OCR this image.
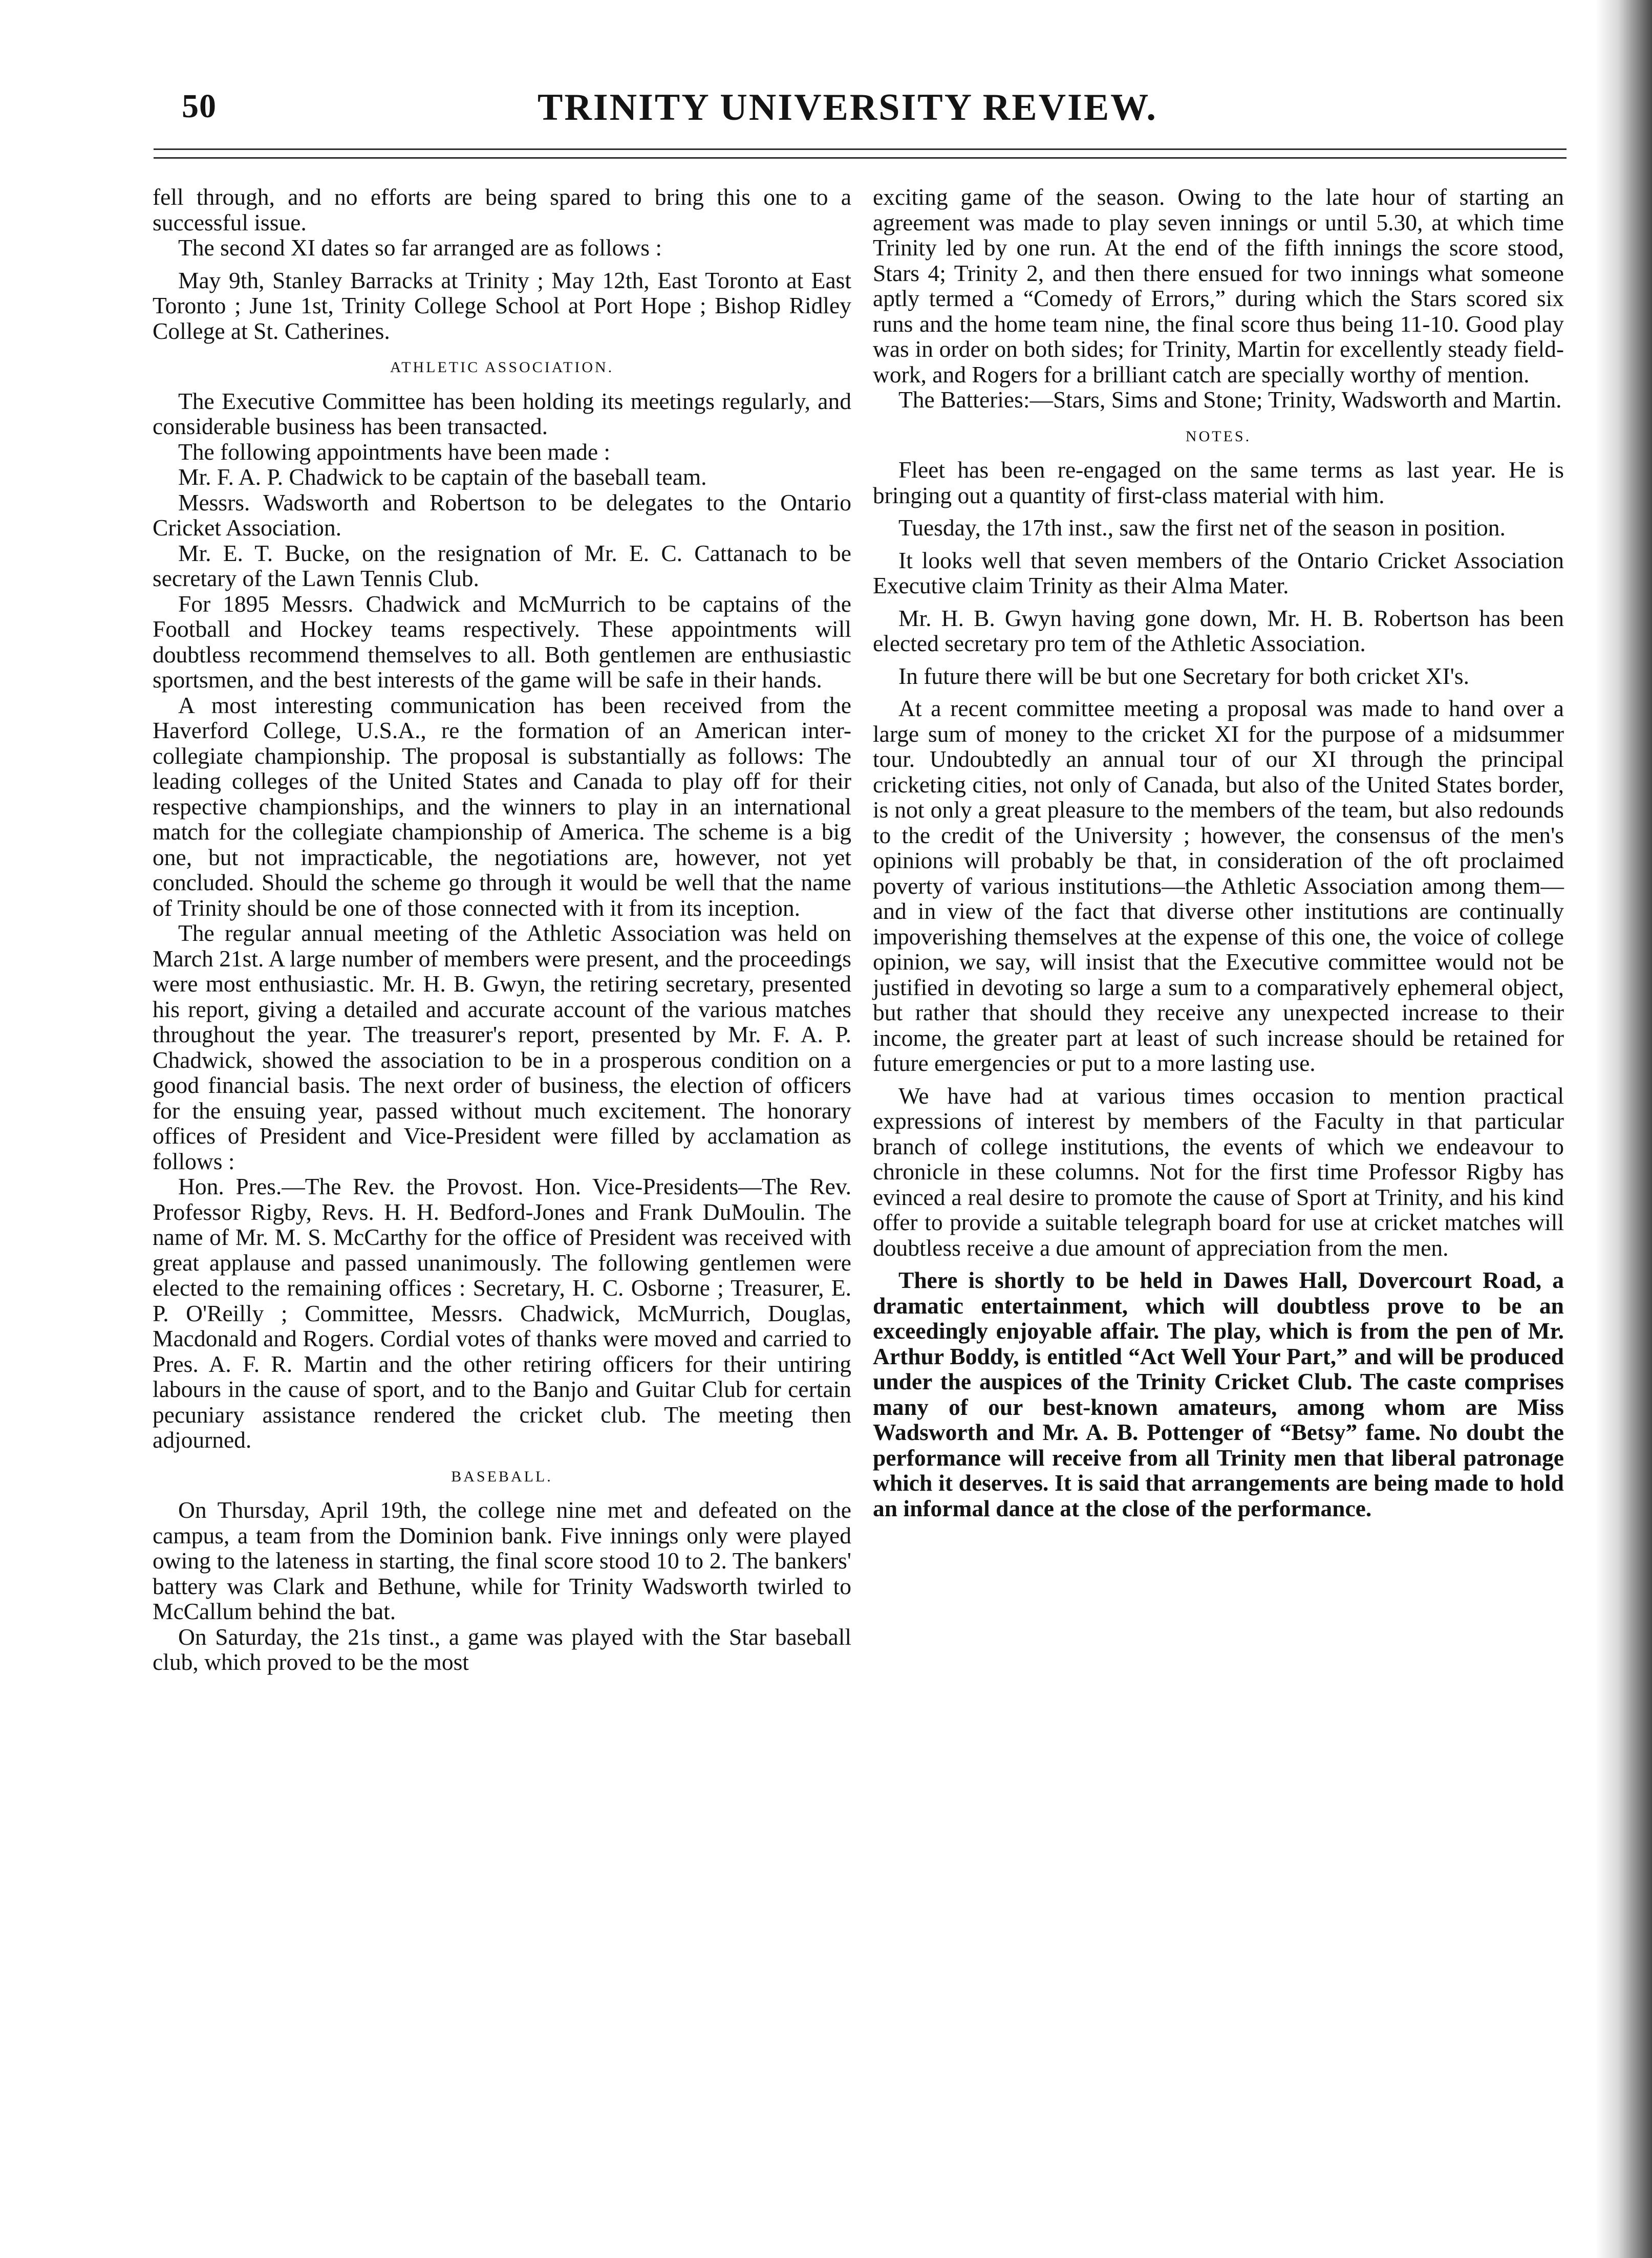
50	TRINITY UNIVERSITY REVIEW.

fell through, and no efforts are being spared to bring this one to a successful issue.

The second XI dates so far arranged are as follows :

May 9th, Stanley Barracks at Trinity ; May 12th, East Toronto at East Toronto ; June 1st, Trinity College School at Port Hope ; Bishop Ridley College at St. Catherines.

ATHLETIC ASSOCIATION.

The Executive Committee has been holding its meetings regularly, and considerable business has been transacted.

The following appointments have been made :

Mr. F. A. P. Chadwick to be captain of the baseball team.

Messrs. Wadsworth and Robertson to be delegates to the Ontario Cricket Association.

Mr. E. T. Bucke, on the resignation of Mr. E. C. Cattanach to be secretary of the Lawn Tennis Club.

For 1895 Messrs. Chadwick and McMurrich to be captains of the Football and Hockey teams respectively. These appointments will doubtless recommend themselves to all. Both gentlemen are enthusiastic sportsmen, and the best interests of the game will be safe in their hands.

A most interesting communication has been received from the Haverford College, U.S.A., re the formation of an American inter-collegiate championship. The proposal is substantially as follows: The leading colleges of the United States and Canada to play off for their respective championships, and the winners to play in an international match for the collegiate championship of America. The scheme is a big one, but not impracticable, the negotiations are, however, not yet concluded. Should the scheme go through it would be well that the name of Trinity should be one of those connected with it from its inception.

The regular annual meeting of the Athletic Association was held on March 21st. A large number of members were present, and the proceedings were most enthusiastic. Mr. H. B. Gwyn, the retiring secretary, presented his report, giving a detailed and accurate account of the various matches throughout the year. The treasurer's report, presented by Mr. F. A. P. Chadwick, showed the association to be in a prosperous condition on a good financial basis. The next order of business, the election of officers for the ensuing year, passed without much excitement. The honorary offices of President and Vice-President were filled by acclamation as follows :

Hon. Pres.—The Rev. the Provost. Hon. Vice-Presidents—The Rev. Professor Rigby, Revs. H. H. Bedford-Jones and Frank DuMoulin. The name of Mr. M. S. McCarthy for the office of President was received with great applause and passed unanimously. The following gentlemen were elected to the remaining offices : Secretary, H. C. Osborne ; Treasurer, E. P. O'Reilly ; Committee, Messrs. Chadwick, McMurrich, Douglas, Macdonald and Rogers. Cordial votes of thanks were moved and carried to Pres. A. F. R. Martin and the other retiring officers for their untiring labours in the cause of sport, and to the Banjo and Guitar Club for certain pecuniary assistance rendered the cricket club. The meeting then adjourned.

BASEBALL.

On Thursday, April 19th, the college nine met and defeated on the campus, a team from the Dominion bank. Five innings only were played owing to the lateness in starting, the final score stood 10 to 2. The bankers' battery was Clark and Bethune, while for Trinity Wadsworth twirled to McCallum behind the bat.

On Saturday, the 21s tinst., a game was played with the Star baseball club, which proved to be the most

exciting game of the season. Owing to the late hour of starting an agreement was made to play seven innings or until 5.30, at which time Trinity led by one run. At the end of the fifth innings the score stood, Stars 4; Trinity 2, and then there ensued for two innings what someone aptly termed a “Comedy of Errors,” during which the Stars scored six runs and the home team nine, the final score thus being 11-10. Good play was in order on both sides; for Trinity, Martin for excellently steady field-work, and Rogers for a brilliant catch are specially worthy of mention.

The Batteries:—Stars, Sims and Stone; Trinity, Wadsworth and Martin.

NOTES.

Fleet has been re-engaged on the same terms as last year. He is bringing out a quantity of first-class material with him.

Tuesday, the 17th inst., saw the first net of the season in position.

It looks well that seven members of the Ontario Cricket Association Executive claim Trinity as their Alma Mater.

Mr. H. B. Gwyn having gone down, Mr. H. B. Robertson has been elected secretary pro tem of the Athletic Association.

In future there will be but one Secretary for both cricket XI's.

At a recent committee meeting a proposal was made to hand over a large sum of money to the cricket XI for the purpose of a midsummer tour. Undoubtedly an annual tour of our XI through the principal cricketing cities, not only of Canada, but also of the United States border, is not only a great pleasure to the members of the team, but also redounds to the credit of the University ; however, the consensus of the men's opinions will probably be that, in consideration of the oft proclaimed poverty of various institutions—the Athletic Association among them—and in view of the fact that diverse other institutions are continually impoverishing themselves at the expense of this one, the voice of college opinion, we say, will insist that the Executive committee would not be justified in devoting so large a sum to a comparatively ephemeral object, but rather that should they receive any unexpected increase to their income, the greater part at least of such increase should be retained for future emergencies or put to a more lasting use.

We have had at various times occasion to mention practical expressions of interest by members of the Faculty in that particular branch of college institutions, the events of which we endeavour to chronicle in these columns. Not for the first time Professor Rigby has evinced a real desire to promote the cause of Sport at Trinity, and his kind offer to provide a suitable telegraph board for use at cricket matches will doubtless receive a due amount of appreciation from the men.

There is shortly to be held in Dawes Hall, Dovercourt Road, a dramatic entertainment, which will doubtless prove to be an exceedingly enjoyable affair. The play, which is from the pen of Mr. Arthur Boddy, is entitled “Act Well Your Part,” and will be produced under the auspices of the Trinity Cricket Club. The caste comprises many of our best-known amateurs, among whom are Miss Wadsworth and Mr. A. B. Pottenger of “Betsy” fame. No doubt the performance will receive from all Trinity men that liberal patronage which it deserves. It is said that arrangements are being made to hold an informal dance at the close of the performance.
